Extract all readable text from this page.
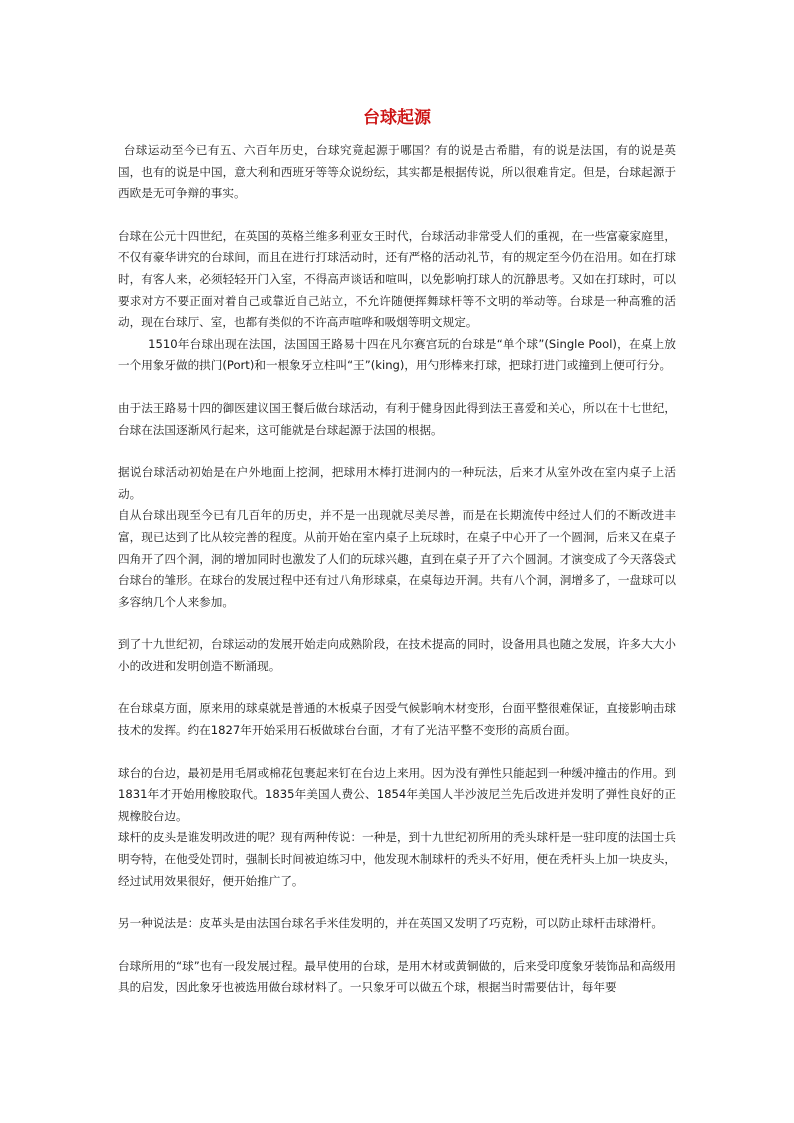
台球起源

台球运动至今已有五、六百年历史，台球究竟起源于哪国？有的说是古希腊，有的说是法国，有的说是英国，也有的说是中国，意大利和西班牙等等众说纷纭，其实都是根据传说，所以很难肯定。但是，台球起源于西欧是无可争辩的事实。

台球在公元十四世纪，在英国的英格兰维多利亚女王时代，台球活动非常受人们的重视，在一些富豪家庭里，不仅有豪华讲究的台球间，而且在进行打球活动时，还有严格的活动礼节，有的规定至今仍在沿用。如在打球时，有客人来，必须轻轻开门入室，不得高声谈话和喧叫，以免影响打球人的沉静思考。又如在打球时，可以要求对方不要正面对着自己或靠近自己站立，不允许随便挥舞球杆等不文明的举动等。台球是一种高雅的活动，现在台球厅、室，也都有类似的不许高声喧哗和吸烟等明文规定。

1510年台球出现在法国，法国国王路易十四在凡尔赛宫玩的台球是“单个球”(Single Pool)，在桌上放一个用象牙做的拱门(Port)和一根象牙立柱叫“王”(king)，用勺形棒来打球，把球打进门或撞到上便可行分。

由于法王路易十四的御医建议国王餐后做台球活动，有利于健身因此得到法王喜爱和关心，所以在十七世纪，台球在法国逐渐风行起来，这可能就是台球起源于法国的根据。

据说台球活动初始是在户外地面上挖洞，把球用木棒打进洞内的一种玩法，后来才从室外改在室内桌子上活动。

自从台球出现至今已有几百年的历史，并不是一出现就尽美尽善，而是在长期流传中经过人们的不断改进丰富，现已达到了比从较完善的程度。从前开始在室内桌子上玩球时，在桌子中心开了一个圆洞，后来又在桌子四角开了四个洞，洞的增加同时也激发了人们的玩球兴趣，直到在桌子开了六个圆洞。才演变成了今天落袋式台球台的雏形。在球台的发展过程中还有过八角形球桌，在桌每边开洞。共有八个洞，洞增多了，一盘球可以多容纳几个人来参加。

到了十九世纪初，台球运动的发展开始走向成熟阶段，在技术提高的同时，设备用具也随之发展，许多大大小小的改进和发明创造不断涌现。

在台球桌方面，原来用的球桌就是普通的木板桌子因受气候影响木材变形，台面平整很难保证，直接影响击球技术的发挥。约在1827年开始采用石板做球台台面，才有了光洁平整不变形的高质台面。

球台的台边，最初是用毛屑或棉花包裹起来钉在台边上来用。因为没有弹性只能起到一种缓冲撞击的作用。到1831年才开始用橡胶取代。1835年美国人费公、1854年美国人半沙波尼兰先后改进并发明了弹性良好的正规橡胶台边。

球杆的皮头是谁发明改进的呢？现有两种传说：一种是，到十九世纪初所用的秃头球杆是一驻印度的法国士兵明夸特，在他受处罚时，强制长时间被迫练习中，他发现木制球杆的秃头不好用，便在秃杆头上加一块皮头，经过试用效果很好，便开始推广了。

另一种说法是：皮革头是由法国台球名手米佳发明的，并在英国又发明了巧克粉，可以防止球杆击球滑杆。

台球所用的“球”也有一段发展过程。最早使用的台球，是用木材或黄铜做的，后来受印度象牙装饰品和高级用具的启发，因此象牙也被选用做台球材料了。一只象牙可以做五个球，根据当时需要估计，每年要
